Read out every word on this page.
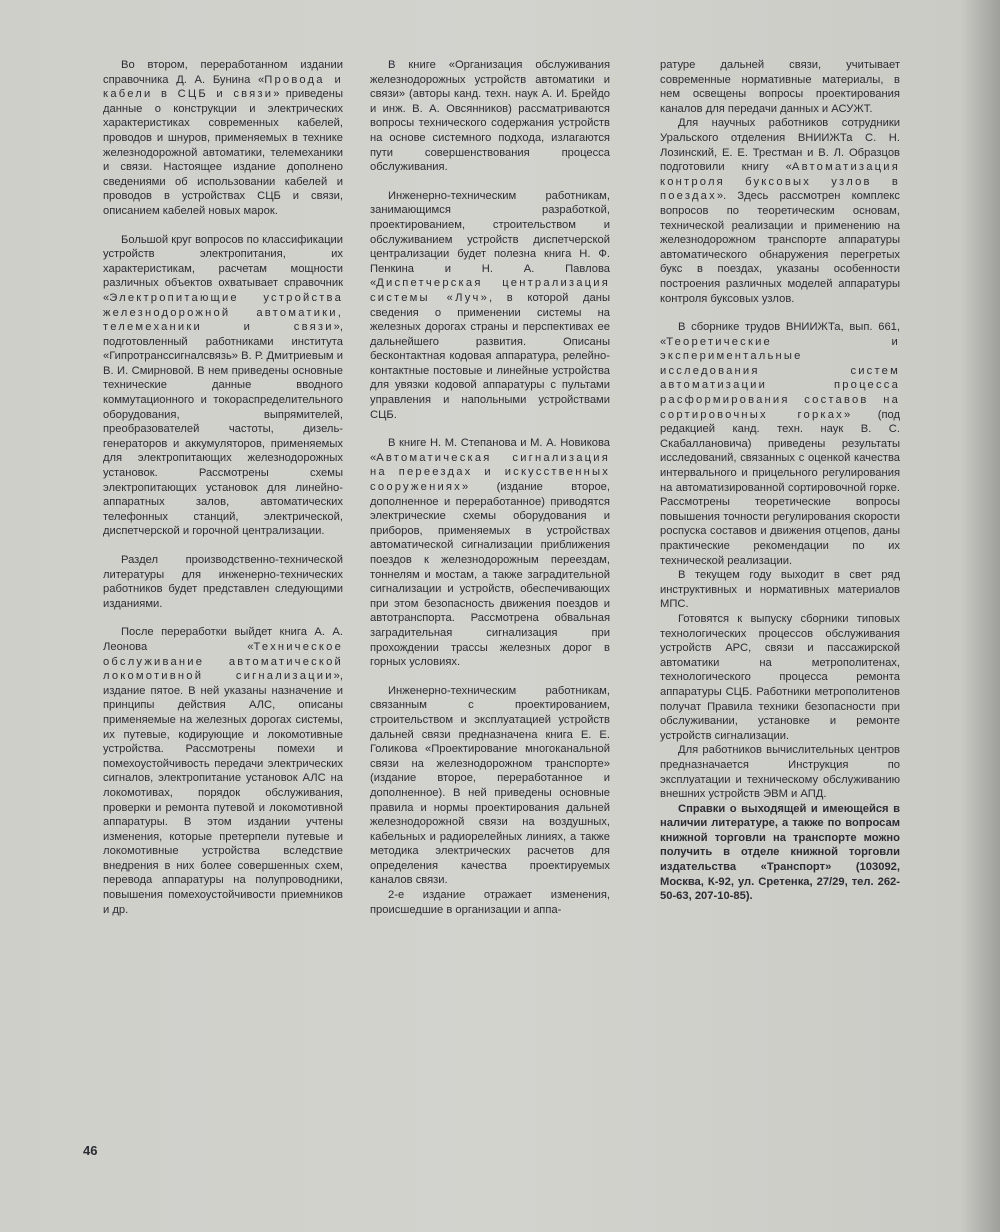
Во втором, переработанном издании справочника Д. А. Бунина «Провода и кабели в СЦБ и связи» приведены данные о конструкции и электрических характеристиках современных кабелей, проводов и шнуров, применяемых в технике железнодорожной автоматики, телемеханики и связи. Настоящее издание дополнено сведениями об использовании кабелей и проводов в устройствах СЦБ и связи, описанием кабелей новых марок.

Большой круг вопросов по классификации устройств электропитания, их характеристикам, расчетам мощности различных объектов охватывает справочник «Электропитающие устройства железнодорожной автоматики, телемеханики и связи», подготовленный работниками института «Гипротранссигналсвязь» В. Р. Дмитриевым и В. И. Смирновой. В нем приведены основные технические данные вводного коммутационного и токораспределительного оборудования, выпрямителей, преобразователей частоты, дизель-генераторов и аккумуляторов, применяемых для электропитающих железнодорожных установок. Рассмотрены схемы электропитающих установок для линейно-аппаратных залов, автоматических телефонных станций, электрической, диспетчерской и горочной централизации.

Раздел производственно-технической литературы для инженерно-технических работников будет представлен следующими изданиями.

После переработки выйдет книга А. А. Леонова «Техническое обслуживание автоматической локомотивной сигнализации», издание пятое. В ней указаны назначение и принципы действия АЛС, описаны применяемые на железных дорогах системы, их путевые, кодирующие и локомотивные устройства. Рассмотрены помехи и помехоустойчивость передачи электрических сигналов, электропитание установок АЛС на локомотивах, порядок обслуживания, проверки и ремонта путевой и локомотивной аппаратуры. В этом издании учтены изменения, которые претерпели путевые и локомотивные устройства вследствие внедрения в них более совершенных схем, перевода аппаратуры на полупроводники, повышения помехоустойчивости приемников и др.

В книге «Организация обслуживания железнодорожных устройств автоматики и связи» (авторы канд. техн. наук А. И. Брейдо и инж. В. А. Овсянников) рассматриваются вопросы технического содержания устройств на основе системного подхода, излагаются пути совершенствования процесса обслуживания.

Инженерно-техническим работникам, занимающимся разработкой, проектированием, строительством и обслуживанием устройств диспетчерской централизации будет полезна книга Н. Ф. Пенкина и Н. А. Павлова «Диспетчерская централизация системы «Луч», в которой даны сведения о применении системы на железных дорогах страны и перспективах ее дальнейшего развития. Описаны бесконтактная кодовая аппаратура, релейно-контактные постовые и линейные устройства для увязки кодовой аппаратуры с пультами управления и напольными устройствами СЦБ.

В книге Н. М. Степанова и М. А. Новикова «Автоматическая сигнализация на переездах и искусственных сооружениях» (издание второе, дополненное и переработанное) приводятся электрические схемы оборудования и приборов, применяемых в устройствах автоматической сигнализации приближения поездов к железнодорожным переездам, тоннелям и мостам, а также заградительной сигнализации и устройств, обеспечивающих при этом безопасность движения поездов и автотранспорта. Рассмотрена обвальная заградительная сигнализация при прохождении трассы железных дорог в горных условиях.

Инженерно-техническим работникам, связанным с проектированием, строительством и эксплуатацией устройств дальней связи предназначена книга Е. Е. Голикова «Проектирование многоканальной связи на железнодорожном транспорте» (издание второе, переработанное и дополненное). В ней приведены основные правила и нормы проектирования дальней железнодорожной связи на воздушных, кабельных и радиорелейных линиях, а также методика электрических расчетов для определения качества проектируемых каналов связи.

2-е издание отражает изменения, происшедшие в организации и аппа-

ратуре дальней связи, учитывает современные нормативные материалы, в нем освещены вопросы проектирования каналов для передачи данных и АСУЖТ.

Для научных работников сотрудники Уральского отделения ВНИИЖТа С. Н. Лозинский, Е. Е. Трестман и В. Л. Образцов подготовили книгу «Автоматизация контроля буксовых узлов в поездах». Здесь рассмотрен комплекс вопросов по теоретическим основам, технической реализации и применению на железнодорожном транспорте аппаратуры автоматического обнаружения перегретых букс в поездах, указаны особенности построения различных моделей аппаратуры контроля буксовых узлов.

В сборнике трудов ВНИИЖТа, вып. 661, «Теоретические и экспериментальные исследования систем автоматизации процесса расформирования составов на сортировочных горках» (под редакцией канд. техн. наук В. С. Скабаллановича) приведены результаты исследований, связанных с оценкой качества интервального и прицельного регулирования на автоматизированной сортировочной горке. Рассмотрены теоретические вопросы повышения точности регулирования скорости роспуска составов и движения отцепов, даны практические рекомендации по их технической реализации.

В текущем году выходит в свет ряд инструктивных и нормативных материалов МПС.

Готовятся к выпуску сборники типовых технологических процессов обслуживания устройств АРС, связи и пассажирской автоматики на метрополитенах, технологического процесса ремонта аппаратуры СЦБ. Работники метрополитенов получат Правила техники безопасности при обслуживании, установке и ремонте устройств сигнализации.

Для работников вычислительных центров предназначается Инструкция по эксплуатации и техническому обслуживанию внешних устройств ЭВМ и АПД.

Справки о выходящей и имеющейся в наличии литературе, а также по вопросам книжной торговли на транспорте можно получить в отделе книжной торговли издательства «Транспорт» (103092, Москва, К-92, ул. Сретенка, 27/29, тел. 262-50-63, 207-10-85).

46
